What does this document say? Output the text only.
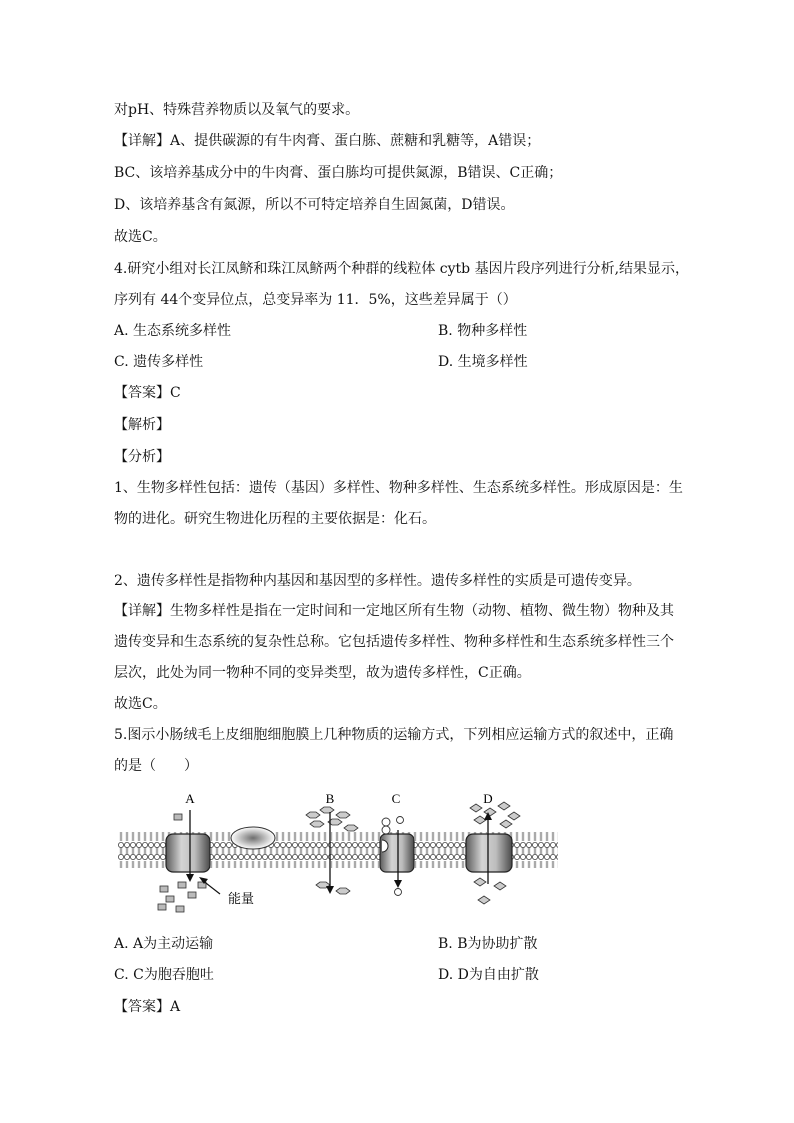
对pH、特殊营养物质以及氧气的要求。
【详解】A、提供碳源的有牛肉膏、蛋白胨、蔗糖和乳糖等，A错误；
BC、该培养基成分中的牛肉膏、蛋白胨均可提供氮源，B错误、C正确；
D、该培养基含有氮源，所以不可特定培养自生固氮菌，D错误。
故选C。
4.研究小组对长江凤鲚和珠江凤鲚两个种群的线粒体 cytb 基因片段序列进行分析,结果显示，
序列有 44个变异位点，总变异率为 11．5%，这些差异属于（）
A. 生态系统多样性	B. 物种多样性
C. 遗传多样性	D. 生境多样性
【答案】C
【解析】
【分析】
1、生物多样性包括：遗传（基因）多样性、物种多样性、生态系统多样性。形成原因是：生
物的进化。研究生物进化历程的主要依据是：化石。
2、遗传多样性是指物种内基因和基因型的多样性。遗传多样性的实质是可遗传变异。
【详解】生物多样性是指在一定时间和一定地区所有生物（动物、植物、微生物）物种及其
遗传变异和生态系统的复杂性总称。它包括遗传多样性、物种多样性和生态系统多样性三个
层次，此处为同一物种不同的变异类型，故为遗传多样性，C正确。
故选C。
5.图示小肠绒毛上皮细胞细胞膜上几种物质的运输方式，下列相应运输方式的叙述中，正确
的是（　　）
A	B	C	D
能量
A. A为主动运输	B. B为协助扩散
C. C为胞吞胞吐	D. D为自由扩散
【答案】A
